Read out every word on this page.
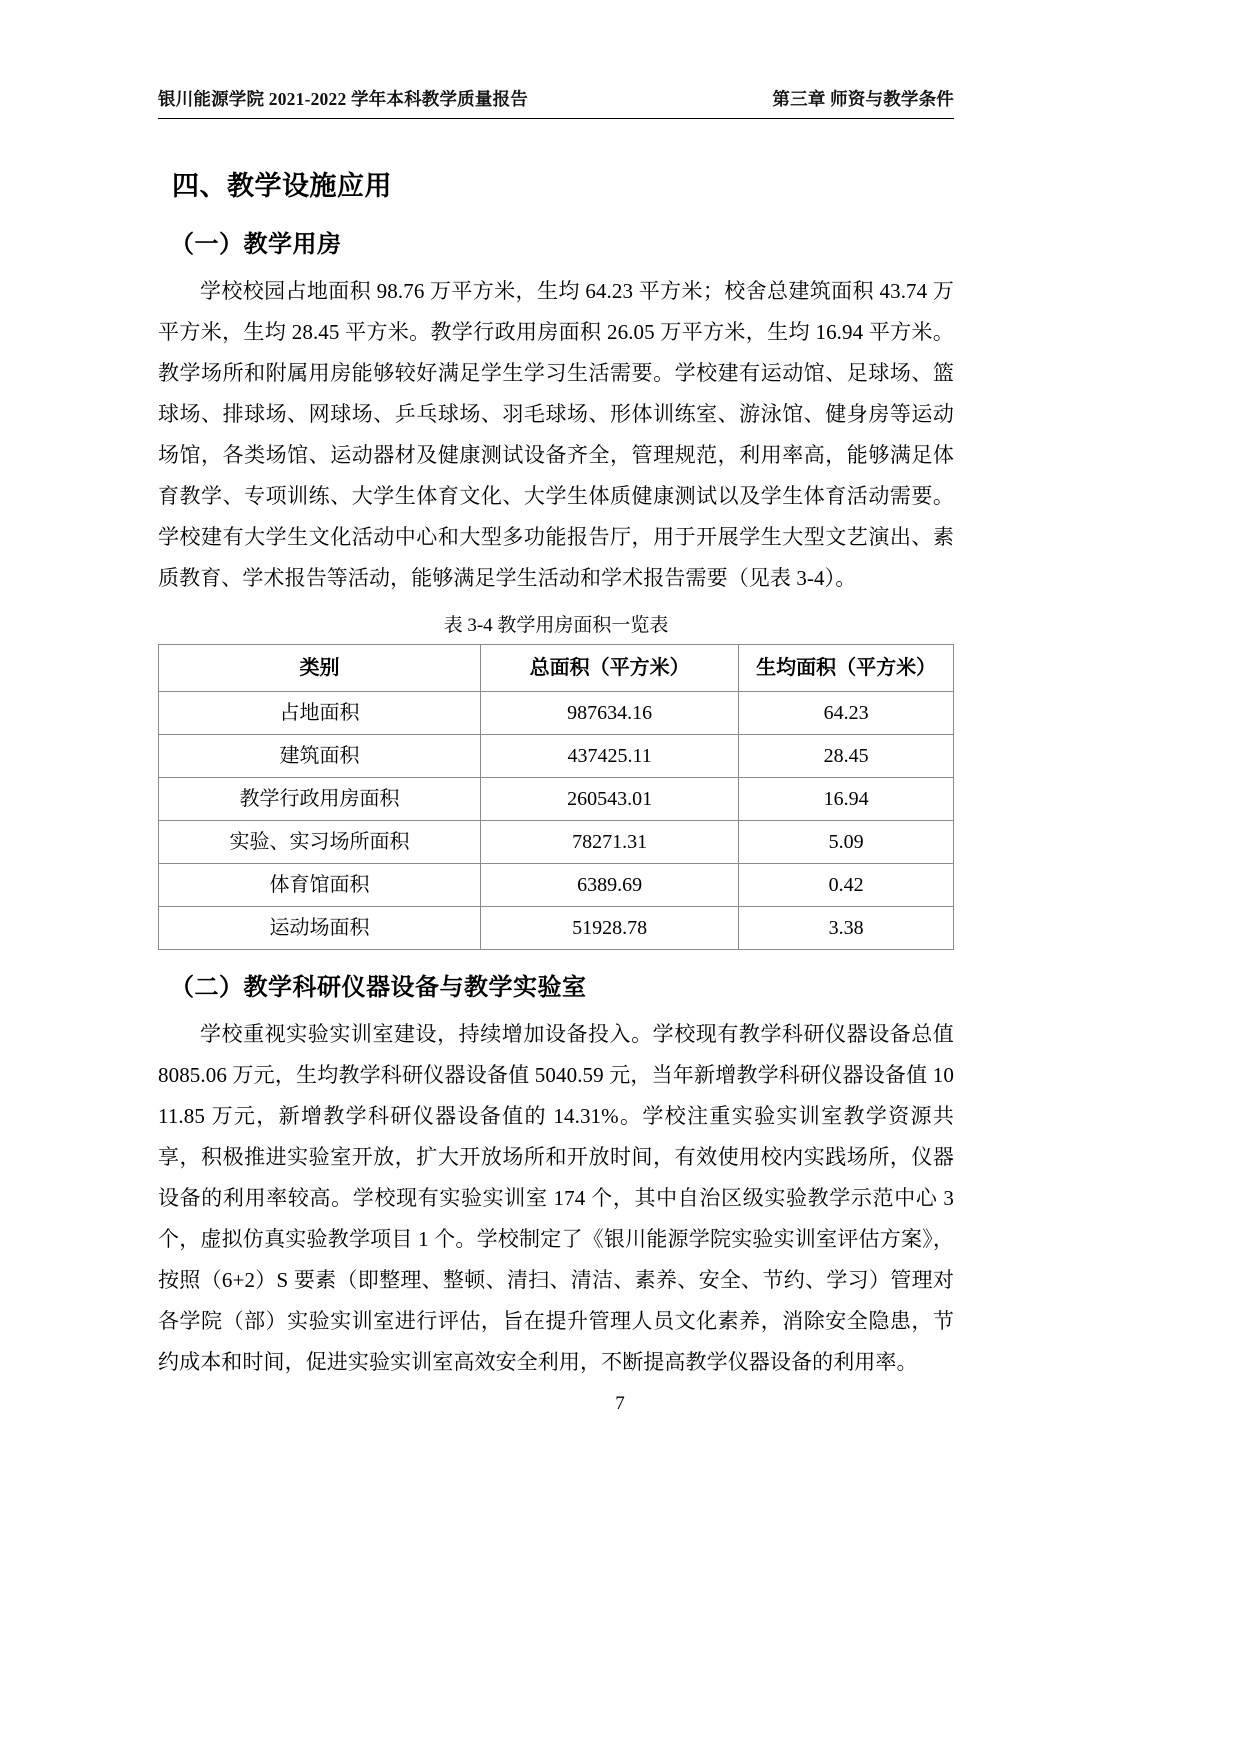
银川能源学院 2021-2022 学年本科教学质量报告	第三章 师资与教学条件
四、教学设施应用
（一）教学用房

学校校园占地面积 98.76 万平方米，生均 64.23 平方米；校舍总建筑面积 43.74 万平方米，生均 28.45 平方米。教学行政用房面积 26.05 万平方米，生均 16.94 平方米。教学场所和附属用房能够较好满足学生学习生活需要。学校建有运动馆、足球场、篮球场、排球场、网球场、乒乓球场、羽毛球场、形体训练室、游泳馆、健身房等运动场馆，各类场馆、运动器材及健康测试设备齐全，管理规范，利用率高，能够满足体育教学、专项训练、大学生体育文化、大学生体质健康测试以及学生体育活动需要。学校建有大学生文化活动中心和大型多功能报告厅，用于开展学生大型文艺演出、素质教育、学术报告等活动，能够满足学生活动和学术报告需要（见表 3-4）。

表 3-4 教学用房面积一览表
类别	总面积（平方米）	生均面积（平方米）
占地面积	987634.16	64.23
建筑面积	437425.11	28.45
教学行政用房面积	260543.01	16.94
实验、实习场所面积	78271.31	5.09
体育馆面积	6389.69	0.42
运动场面积	51928.78	3.38
（二）教学科研仪器设备与教学实验室

学校重视实验实训室建设，持续增加设备投入。学校现有教学科研仪器设备总值 8085.06 万元，生均教学科研仪器设备值 5040.59 元，当年新增教学科研仪器设备值 1011.85 万元，新增教学科研仪器设备值的 14.31%。学校注重实验实训室教学资源共享，积极推进实验室开放，扩大开放场所和开放时间，有效使用校内实践场所，仪器设备的利用率较高。学校现有实验实训室 174 个，其中自治区级实验教学示范中心 3 个，虚拟仿真实验教学项目 1 个。学校制定了《银川能源学院实验实训室评估方案》，按照（6+2）S 要素（即整理、整顿、清扫、清洁、素养、安全、节约、学习）管理对各学院（部）实验实训室进行评估，旨在提升管理人员文化素养，消除安全隐患，节约成本和时间，促进实验实训室高效安全利用，不断提高教学仪器设备的利用率。

7
